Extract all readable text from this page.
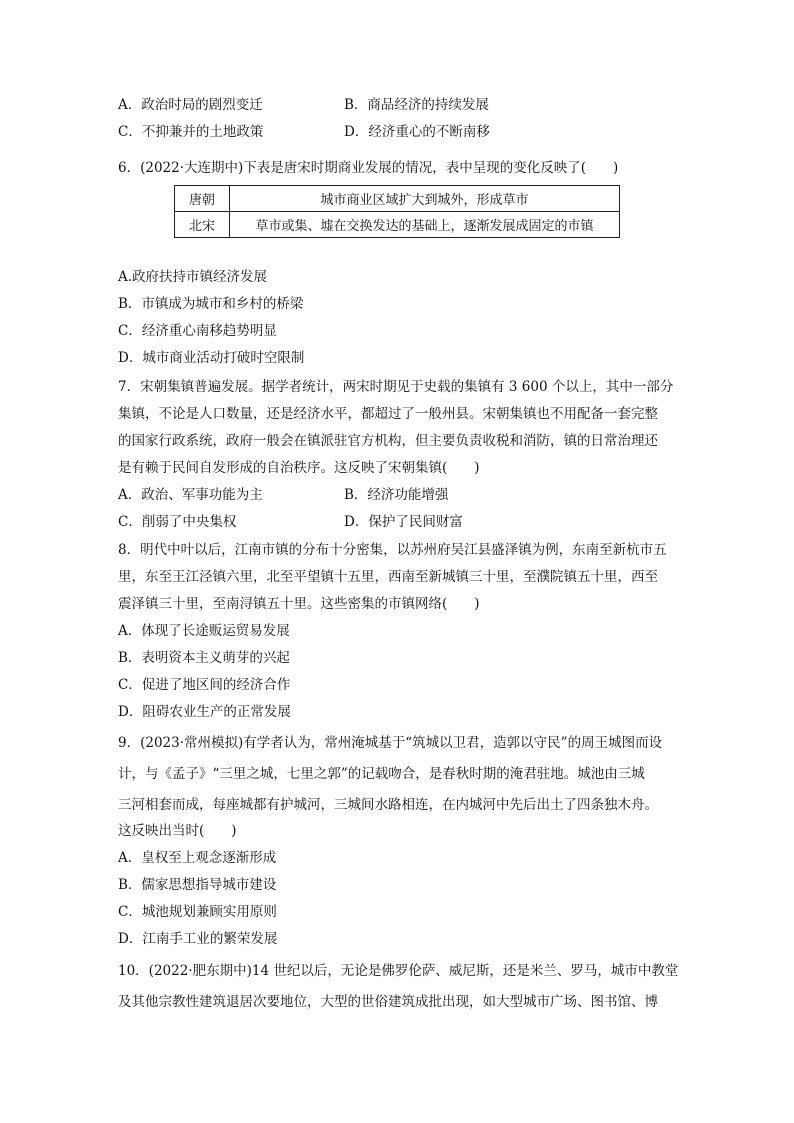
A．政治时局的剧烈变迁	B．商品经济的持续发展
C．不抑兼并的土地政策	D．经济重心的不断南移
6．(2022·大连期中)下表是唐宋时期商业发展的情况，表中呈现的变化反映了(　　)
唐朝	城市商业区域扩大到城外，形成草市
北宋	草市或集、墟在交换发达的基础上，逐渐发展成固定的市镇
A.政府扶持市镇经济发展
B．市镇成为城市和乡村的桥梁
C．经济重心南移趋势明显
D．城市商业活动打破时空限制
7．宋朝集镇普遍发展。据学者统计，两宋时期见于史载的集镇有 3 600 个以上，其中一部分
集镇，不论是人口数量，还是经济水平，都超过了一般州县。宋朝集镇也不用配备一套完整
的国家行政系统，政府一般会在镇派驻官方机构，但主要负责收税和消防，镇的日常治理还
是有赖于民间自发形成的自治秩序。这反映了宋朝集镇(　　)
A．政治、军事功能为主	B．经济功能增强
C．削弱了中央集权	D．保护了民间财富
8．明代中叶以后，江南市镇的分布十分密集，以苏州府吴江县盛泽镇为例，东南至新杭市五
里，东至王江泾镇六里，北至平望镇十五里，西南至新城镇三十里，至濮院镇五十里，西至
震泽镇三十里，至南浔镇五十里。这些密集的市镇网络(　　)
A．体现了长途贩运贸易发展
B．表明资本主义萌芽的兴起
C．促进了地区间的经济合作
D．阻碍农业生产的正常发展
9．(2023·常州模拟)有学者认为，常州淹城基于“筑城以卫君，造郭以守民”的周王城图而设
计，与《孟子》“三里之城，七里之郭”的记载吻合，是春秋时期的淹君驻地。城池由三城
三河相套而成，每座城都有护城河，三城间水路相连，在内城河中先后出土了四条独木舟。
这反映出当时(　　)
A．皇权至上观念逐渐形成
B．儒家思想指导城市建设
C．城池规划兼顾实用原则
D．江南手工业的繁荣发展
10．(2022·肥东期中)14 世纪以后，无论是佛罗伦萨、威尼斯，还是米兰、罗马，城市中教堂
及其他宗教性建筑退居次要地位，大型的世俗建筑成批出现，如大型城市广场、图书馆、博
